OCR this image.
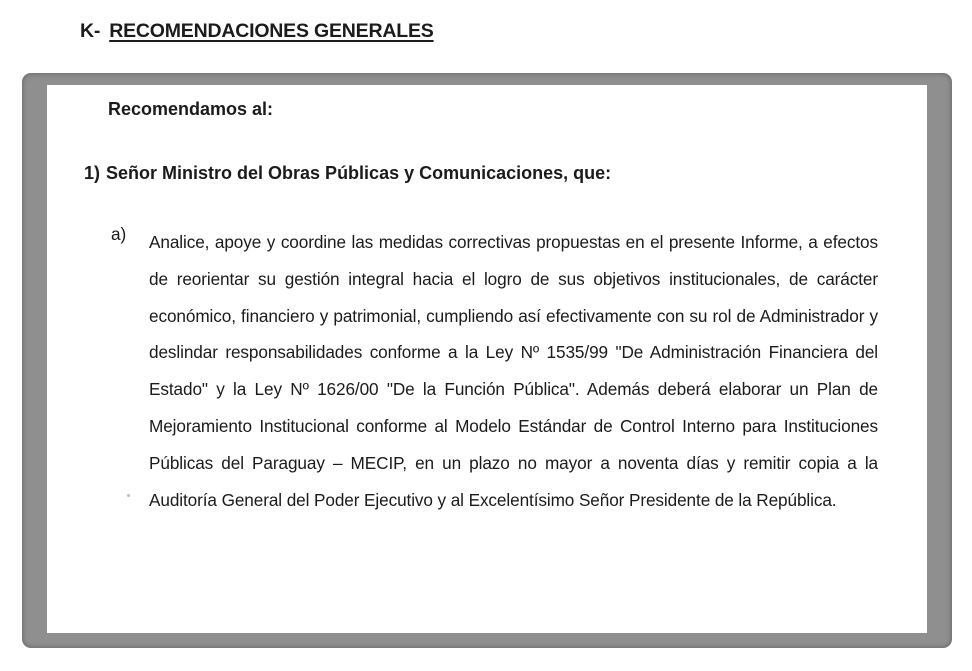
K- RECOMENDACIONES GENERALES
Recomendamos al:
1) Señor Ministro del Obras Públicas y Comunicaciones, que:
a) Analice, apoye y coordine las medidas correctivas propuestas en el presente Informe, a efectos de reorientar su gestión integral hacia el logro de sus objetivos institucionales, de carácter económico, financiero y patrimonial, cumpliendo así efectivamente con su rol de Administrador y deslindar responsabilidades conforme a la Ley Nº 1535/99 "De Administración Financiera del Estado" y la Ley Nº 1626/00 "De la Función Pública". Además deberá elaborar un Plan de Mejoramiento Institucional conforme al Modelo Estándar de Control Interno para Instituciones Públicas del Paraguay – MECIP, en un plazo no mayor a noventa días y remitir copia a la Auditoría General del Poder Ejecutivo y al Excelentísimo Señor Presidente de la República.
